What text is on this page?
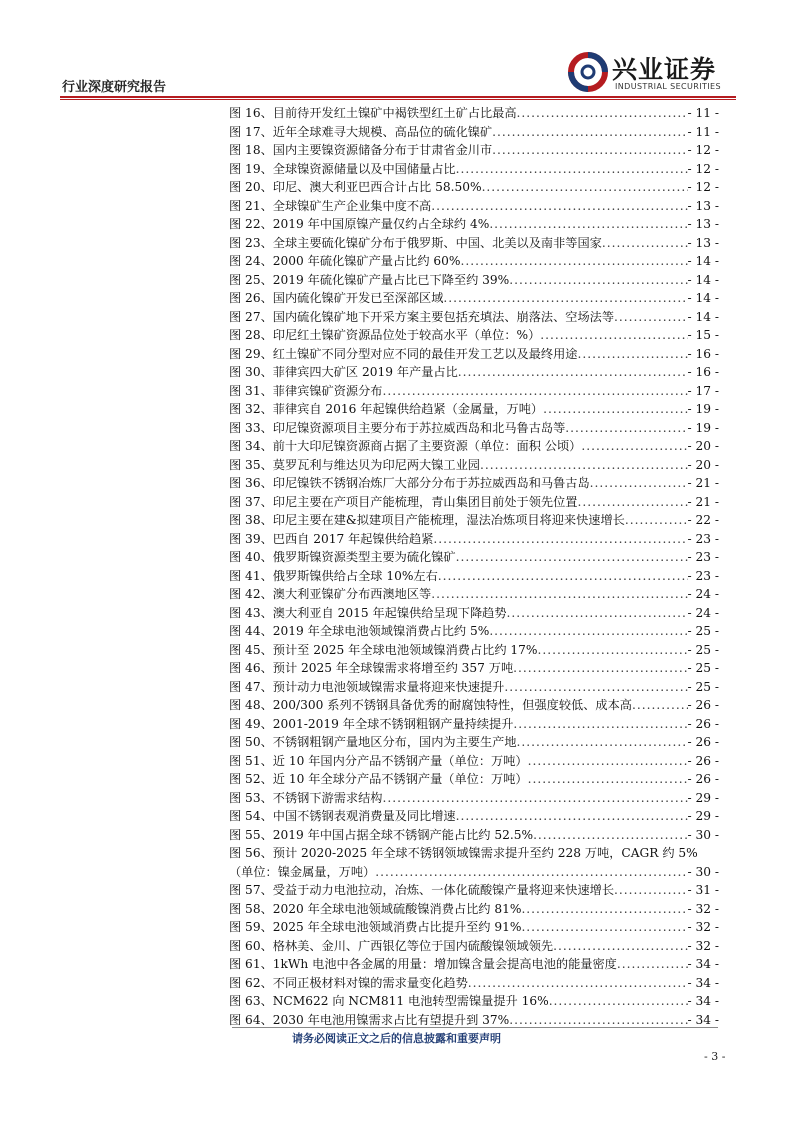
行业深度研究报告
兴业证券
INDUSTRIAL SECURITIES
图 16、 目前待开发红土镍矿中褐铁型红土矿占比最高 .....	- 11 -
图 17、 近年全球难寻大规模、高品位的硫化镍矿 .....	- 11 -
图 18、 国内主要镍资源储备分布于甘肃省金川市 .....	- 12 -
图 19、 全球镍资源储量以及中国储量占比 .....	- 12 -
图 20、 印尼、澳大利亚巴西合计占比 58.50% .....	- 12 -
图 21、 全球镍矿生产企业集中度不高 .....	- 13 -
图 22、 2019 年中国原镍产量仅约占全球约 4% .....	- 13 -
图 23、 全球主要硫化镍矿分布于俄罗斯、中国、北美以及南非等国家 .....	- 13 -
图 24、 2000 年硫化镍矿产量占比约 60% .....	- 14 -
图 25、 2019 年硫化镍矿产量占比已下降至约 39% .....	- 14 -
图 26、 国内硫化镍矿开发已至深部区域 .....	- 14 -
图 27、 国内硫化镍矿地下开采方案主要包括充填法、崩落法、空场法等 .....	- 14 -
图 28、 印尼红土镍矿资源品位处于较高水平（单位：%） .....	- 15 -
图 29、 红土镍矿不同分型对应不同的最佳开发工艺以及最终用途 .....	- 16 -
图 30、 菲律宾四大矿区 2019 年产量占比 .....	- 16 -
图 31、 菲律宾镍矿资源分布 .....	- 17 -
图 32、 菲律宾自 2016 年起镍供给趋紧（金属量，万吨） .....	- 19 -
图 33、 印尼镍资源项目主要分布于苏拉威西岛和北马鲁古岛等 .....	- 19 -
图 34、 前十大印尼镍资源商占据了主要资源（单位：面积 公顷） .....	- 20 -
图 35、 莫罗瓦利与维达贝为印尼两大镍工业园 .....	- 20 -
图 36、 印尼镍铁不锈钢冶炼厂大部分分布于苏拉威西岛和马鲁古岛 .....	- 21 -
图 37、 印尼主要在产项目产能梳理，青山集团目前处于领先位置 .....	- 21 -
图 38、 印尼主要在建&拟建项目产能梳理，湿法冶炼项目将迎来快速增长 .....	- 22 -
图 39、 巴西自 2017 年起镍供给趋紧 .....	- 23 -
图 40、 俄罗斯镍资源类型主要为硫化镍矿 .....	- 23 -
图 41、 俄罗斯镍供给占全球 10%左右 .....	- 23 -
图 42、 澳大利亚镍矿分布西澳地区等 .....	- 24 -
图 43、 澳大利亚自 2015 年起镍供给呈现下降趋势 .....	- 24 -
图 44、 2019 年全球电池领域镍消费占比约 5% .....	- 25 -
图 45、 预计至 2025 年全球电池领域镍消费占比约 17% .....	- 25 -
图 46、 预计 2025 年全球镍需求将增至约 357 万吨 .....	- 25 -
图 47、 预计动力电池领域镍需求量将迎来快速提升 .....	- 25 -
图 48、 200/300 系列不锈钢具备优秀的耐腐蚀特性，但强度较低、成本高 .....	- 26 -
图 49、 2001-2019 年全球不锈钢粗钢产量持续提升 .....	- 26 -
图 50、 不锈钢粗钢产量地区分布，国内为主要生产地 .....	- 26 -
图 51、 近 10 年国内分产品不锈钢产量（单位：万吨） .....	- 26 -
图 52、 近 10 年全球分产品不锈钢产量（单位：万吨） .....	- 26 -
图 53、 不锈钢下游需求结构 .....	- 29 -
图 54、 中国不锈钢表观消费量及同比增速 .....	- 29 -
图 55、 2019 年中国占据全球不锈钢产能占比约 52.5% .....	- 30 -
图 56、 预计 2020-2025 年全球不锈钢领域镍需求提升至约 228 万吨，CAGR 约 5%
（单位：镍金属量，万吨） .....	- 30 -
图 57、 受益于动力电池拉动，冶炼、一体化硫酸镍产量将迎来快速增长 .....	- 31 -
图 58、 2020 年全球电池领域硫酸镍消费占比约 81% .....	- 32 -
图 59、 2025 年全球电池领域消费占比提升至约 91% .....	- 32 -
图 60、 格林美、金川、广西银亿等位于国内硫酸镍领域领先 .....	- 32 -
图 61、 1kWh 电池中各金属的用量：增加镍含量会提高电池的能量密度 .....	- 34 -
图 62、 不同正极材料对镍的需求量变化趋势 .....	- 34 -
图 63、 NCM622 向 NCM811 电池转型需镍量提升 16% .....	- 34 -
图 64、 2030 年电池用镍需求占比有望提升到 37% .....	- 34 -
请务必阅读正文之后的信息披露和重要声明
- 3 -
